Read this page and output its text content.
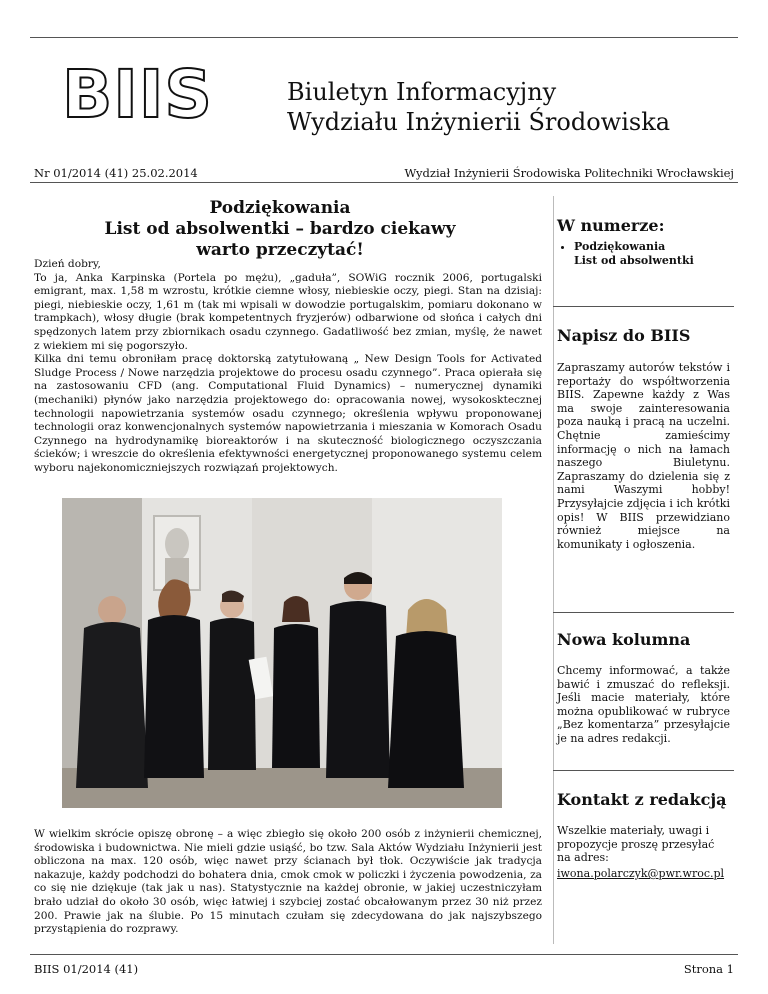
BIIS	Biuletyn Informacyjny
Wydziału Inżynierii Środowiska
Nr 01/2014 (41) 25.02.2014	Wydział Inżynierii Środowiska Politechniki Wrocławskiej
Podziękowania
List od absolwentki – bardzo ciekawy
warto przeczytać!
Dzień dobry,
To ja, Anka Karpinska (Portela po mężu), „gaduła”, SOWiG rocznik 2006, portugalski emigrant, max. 1,58 m wzrostu, krótkie ciemne włosy, niebieskie oczy, piegi. Stan na dzisiaj: piegi, niebieskie oczy, 1,61 m (tak mi wpisali w dowodzie portugalskim, pomiaru dokonano w trampkach), włosy długie (brak kompetentnych fryzjerów) odbarwione od słońca i całych dni spędzonych latem przy zbiornikach osadu czynnego. Gadatliwość bez zmian, myślę, że nawet z wiekiem mi się pogorszyło.
Kilka dni temu obroniłam pracę doktorską zatytułowaną „ New Design Tools for Activated Sludge Process / Nowe narzędzia projektowe do procesu osadu czynnego”. Praca opierała się na zastosowaniu CFD (ang. Computational Fluid Dynamics) – numerycznej dynamiki (mechaniki) płynów jako narzędzia projektowego do: opracowania nowej, wysokosktecznej technologii napowietrzania systemów osadu czynnego; określenia wpływu proponowanej technologii oraz konwencjonalnych systemów napowietrzania i mieszania w Komorach Osadu Czynnego na hydrodynamikę bioreaktorów i na skuteczność biologicznego oczyszczania ścieków; i wreszcie do określenia efektywności energetycznej proponowanego systemu celem wyboru najekonomiczniejszych rozwiązań projektowych.
W wielkim skrócie opiszę obronę – a więc zbiegło się około 200 osób z inżynierii chemicznej, środowiska i budownictwa. Nie mieli gdzie usiąść, bo tzw. Sala Aktów Wydziału Inżynierii jest obliczona na max. 120 osób, więc nawet przy ścianach był tłok. Oczywiście jak tradycja nakazuje, każdy podchodzi do bohatera dnia, cmok cmok w policzki i życzenia powodzenia, za co się nie dziękuje (tak jak u nas). Statystycznie na każdej obronie, w jakiej uczestniczyłam brało udział do około 30 osób, więc łatwiej i szybciej zostać obcałowanym przez 30 niż przez 200. Prawie jak na ślubie. Po 15 minutach czułam się zdecydowana do jak najszybszego przystąpienia do rozprawy.
W numerze:
• Podziękowania
List od absolwentki
Napisz do BIIS
Zapraszamy autorów tekstów i reportaży do współtworzenia BIIS. Zapewne każdy z Was ma swoje zainteresowania poza nauką i pracą na uczelni. Chętnie zamieścimy informację o nich na łamach naszego Biuletynu. Zapraszamy do dzielenia się z nami Waszymi hobby! Przysyłajcie zdjęcia i ich krótki opis! W BIIS przewidziano również miejsce na komunikaty i ogłoszenia.
Nowa kolumna
Chcemy informować, a także bawić i zmuszać do refleksji. Jeśli macie materiały, które można opublikować w rubryce „Bez komentarza” przesyłajcie je na adres redakcji.
Kontakt z redakcją
Wszelkie materiały, uwagi i propozycje proszę przesyłać na adres:
iwona.polarczyk@pwr.wroc.pl
BIIS 01/2014 (41)	Strona 1
